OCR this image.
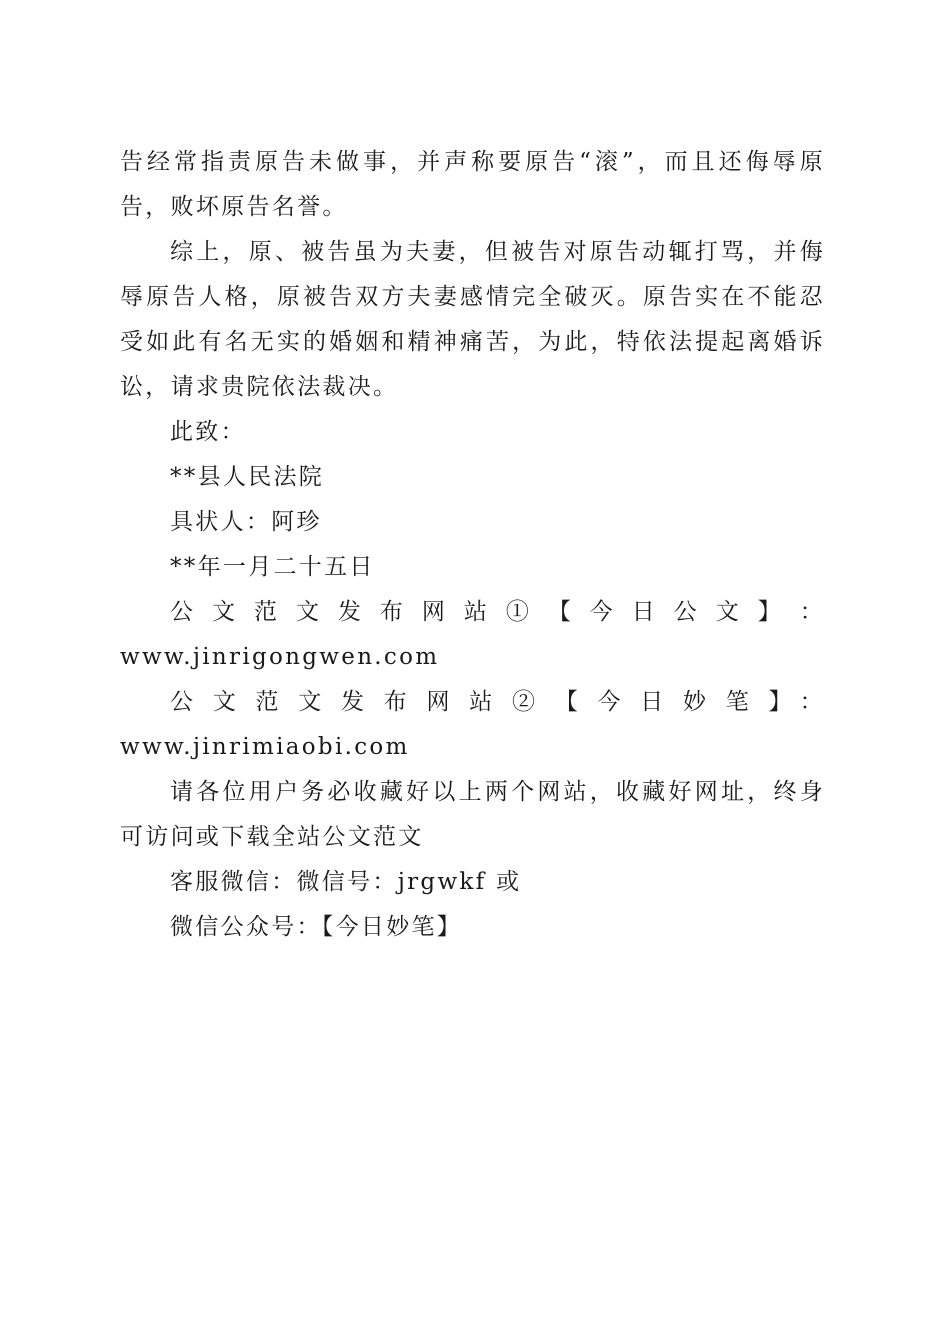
告经常指责原告未做事，并声称要原告“滚”，而且还侮辱原
告，败坏原告名誉。

综上，原、被告虽为夫妻，但被告对原告动辄打骂，并侮
辱原告人格，原被告双方夫妻感情完全破灭。原告实在不能忍
受如此有名无实的婚姻和精神痛苦，为此，特依法提起离婚诉
讼，请求贵院依法裁决。

此致：

**县人民法院

具状人：阿珍

**年一月二十五日

公 文 范 文 发 布 网 站 ① 【 今 日 公 文 】 ：
www.jinrigongwen.com

公文范文发布网站②【今日妙笔】：www.jinrimiaobi.com

请各位用户务必收藏好以上两个网站，收藏好网址，终身
可访问或下载全站公文范文

客服微信：微信号：jrgwkf 或

微信公众号：【今日妙笔】
